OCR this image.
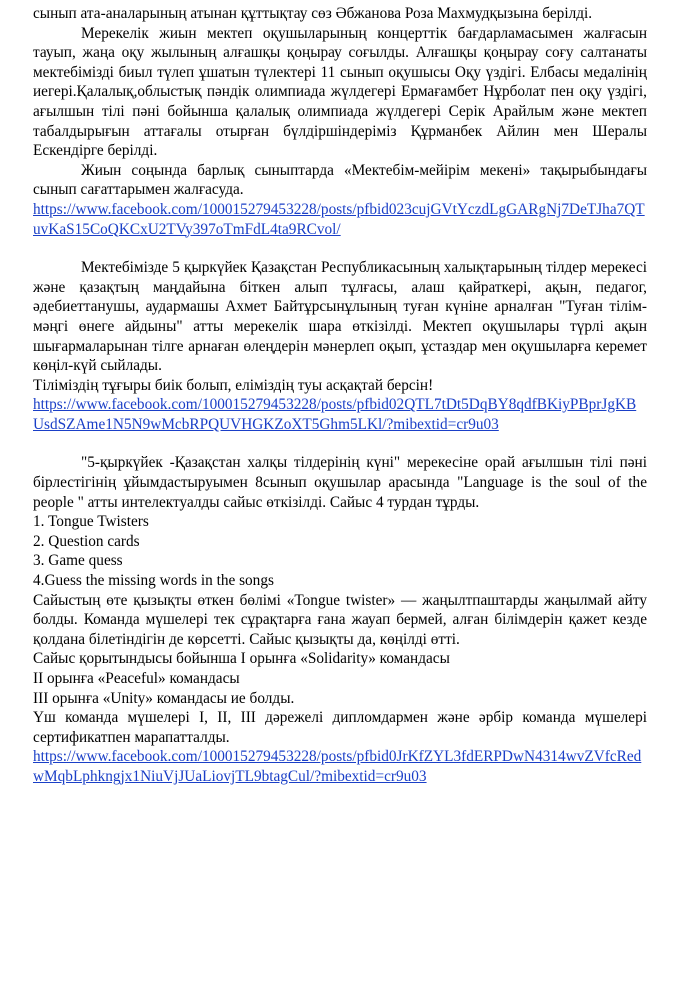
сынып ата-аналарының атынан құттықтау сөз Әбжанова Роза Махмудқызына берілді.

Мерекелік жиын мектеп оқушыларының концерттік бағдарламасымен жалғасын тауып, жаңа оқу жылының алғашқы қоңырау соғылды. Алғашқы қоңырау соғу салтанаты мектебімізді биыл түлеп ұшатын түлектері 11 сынып оқушысы Оқу үздігі. Елбасы медалінің иегері.Қалалық,облыстық пәндік олимпиада жүлдегері Ермағамбет Нұрболат пен оқу үздігі, ағылшын тілі пәні бойынша қалалық олимпиада жүлдегері Серік Арайлым және мектеп табалдырығын аттағалы отырған бүлдіршіндеріміз Құрманбек Айлин мен Шералы Ескендірге берілді.

Жиын соңында барлық сыныптарда «Мектебім-мейірім мекені» тақырыбындағы сынып сағаттарымен жалғасуда.

https://www.facebook.com/100015279453228/posts/pfbid023cujGVtYczdLgGARgNj7DeTJha7QTuvKaS15CoQKCxU2TVy397oTmFdL4ta9RCvol/

Мектебімізде 5 қыркүйек Қазақстан Республикасының халықтарының тілдер мерекесі және қазақтың маңдайына біткен алып тұлғасы, алаш қайраткері, ақын, педагог, әдебиеттанушы, аудармашы Ахмет Байтұрсынұлының туған күніне арналған "Туған тілім-мәңгі өнеге айдыны" атты мерекелік шара өткізілді. Мектеп оқушылары түрлі ақын шығармаларынан тілге арнаған өлеңдерін мәнерлеп оқып, ұстаздар мен оқушыларға керемет көңіл-күй сыйлады.

Тілімiздiң тұғыры биiк болып, елiмiздiң туы асқақтай берсiн!

https://www.facebook.com/100015279453228/posts/pfbid02QTL7tDt5DqBY8qdfBKiyPBprJgKBUsdSZAme1N5N9wMcbRPQUVHGKZoXT5Ghm5LKl/?mibextid=cr9u03

"5-қыркүйек -Қазақстан халқы тілдерінің күні" мерекесіне орай ағылшын тілі пәні бірлестігінің ұйымдастыруымен 8сынып оқушылар арасында "Language is the soul of the people " атты интелектуалды сайыс өткізілді. Сайыс 4 турдан тұрды.

1. Tongue Twisters

2. Question cards

3. Game quess

4.Guess the missing words in the songs

Сайыстың өте қызықты өткен бөлімі «Tongue twister» — жаңылтпаштарды жаңылмай айту болды. Команда мүшелері тек сұрақтарға ғана жауап бермей, алған білімдерін қажет кезде қолдана білетіндігін де көрсетті. Сайыс қызықты да, көңілді өтті.

Сайыс қорытындысы бойынша I орынға «Solidarity» командасы

II орынға «Peaceful» командасы

III орынға «Unity» командасы ие болды.

Үш команда мүшелері I, II, III дәрежелі дипломдармен және әрбір команда мүшелері сертификатпен марапатталды.

https://www.facebook.com/100015279453228/posts/pfbid0JrKfZYL3fdERPDwN4314wvZVfcRedwMqbLphkngjx1NiuVjJUaLiovjTL9btagCul/?mibextid=cr9u03
